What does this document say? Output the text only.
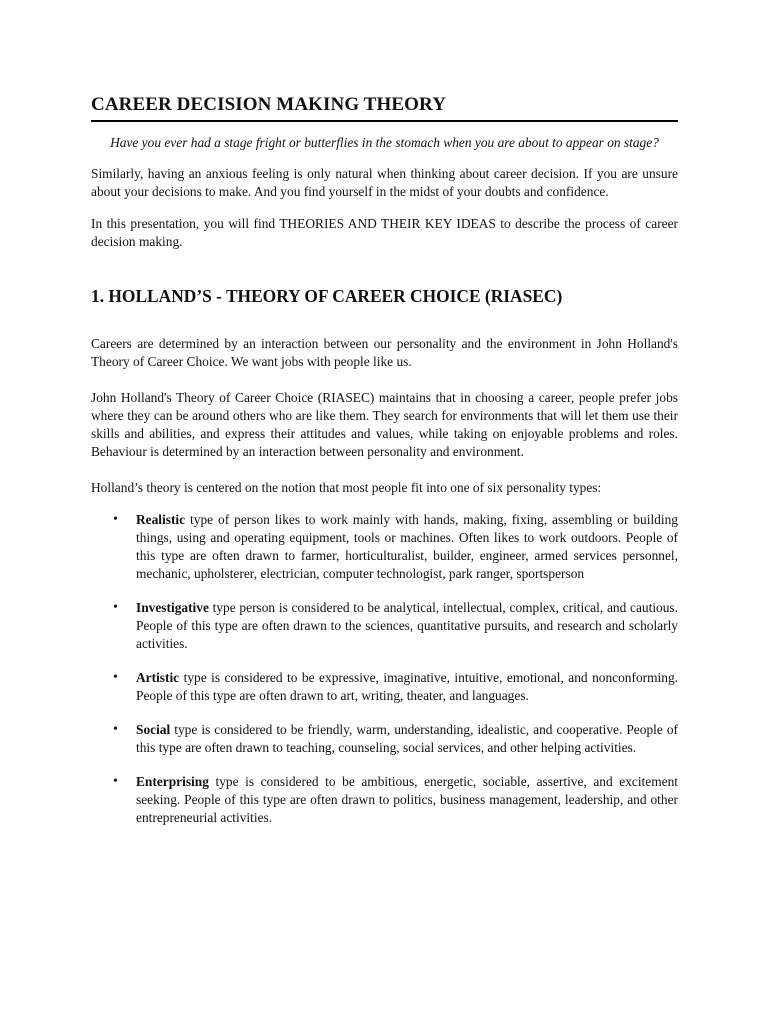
CAREER DECISION MAKING THEORY

Have you ever had a stage fright or butterflies in the stomach when you are about to appear on stage?

Similarly, having an anxious feeling is only natural when thinking about career decision. If you are unsure about your decisions to make. And you find yourself in the midst of your doubts and confidence.

In this presentation, you will find THEORIES AND THEIR KEY IDEAS to describe the process of career decision making.

1. HOLLAND’S - THEORY OF CAREER CHOICE (RIASEC)

Careers are determined by an interaction between our personality and the environment in John Holland's Theory of Career Choice. We want jobs with people like us.

John Holland's Theory of Career Choice (RIASEC) maintains that in choosing a career, people prefer jobs where they can be around others who are like them. They search for environments that will let them use their skills and abilities, and express their attitudes and values, while taking on enjoyable problems and roles. Behaviour is determined by an interaction between personality and environment.

Holland’s theory is centered on the notion that most people fit into one of six personality types:

• Realistic type of person likes to work mainly with hands, making, fixing, assembling or building things, using and operating equipment, tools or machines. Often likes to work outdoors. People of this type are often drawn to farmer, horticulturalist, builder, engineer, armed services personnel, mechanic, upholsterer, electrician, computer technologist, park ranger, sportsperson
• Investigative type person is considered to be analytical, intellectual, complex, critical, and cautious. People of this type are often drawn to the sciences, quantitative pursuits, and research and scholarly activities.
• Artistic type is considered to be expressive, imaginative, intuitive, emotional, and nonconforming. People of this type are often drawn to art, writing, theater, and languages.
• Social type is considered to be friendly, warm, understanding, idealistic, and cooperative. People of this type are often drawn to teaching, counseling, social services, and other helping activities.
• Enterprising type is considered to be ambitious, energetic, sociable, assertive, and excitement seeking. People of this type are often drawn to politics, business management, leadership, and other entrepreneurial activities.
